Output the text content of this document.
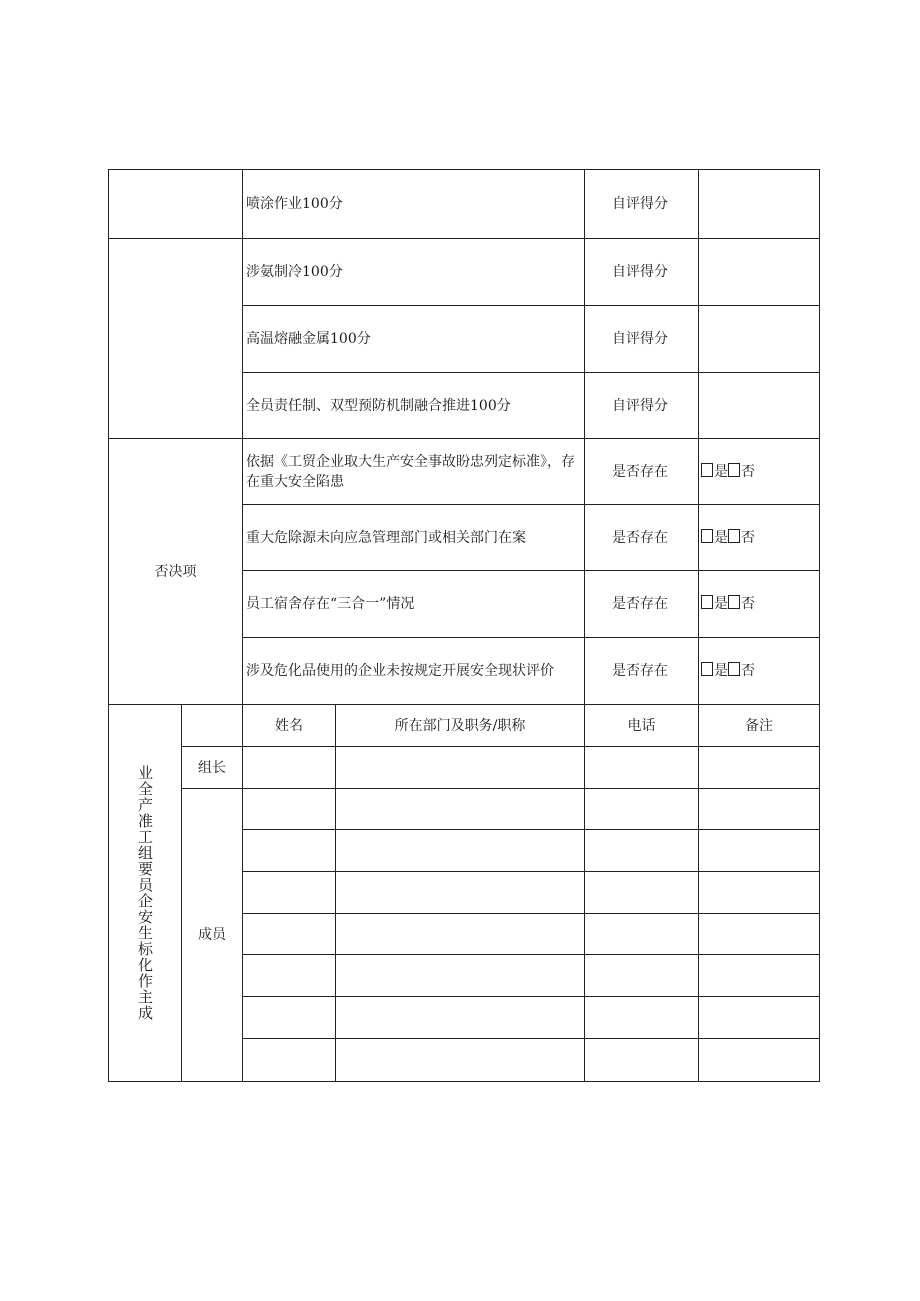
		喷涂作业100分		自评得分	
		涉氨制冷100分		自评得分	
		高温熔融金属100分		自评得分	
		全员责任制、双型预防机制融合推进100分		自评得分	
否决项		依据《工贸企业取大生产安全事故盼忠列定标准》，存在重大安全陷患		是否存在	是 否
		重大危除源未向应急管理部门或相关部门在案		是否存在	是 否
		员工宿舍存在“三合一”情况		是否存在	是 否
		涉及危化品使用的企业未按规定开展安全现状评价		是否存在	是 否

业全产准工组要员企安生标化作主成		姓名	所在部门及职务/职称	电话	备注
	组长				
	成员				
